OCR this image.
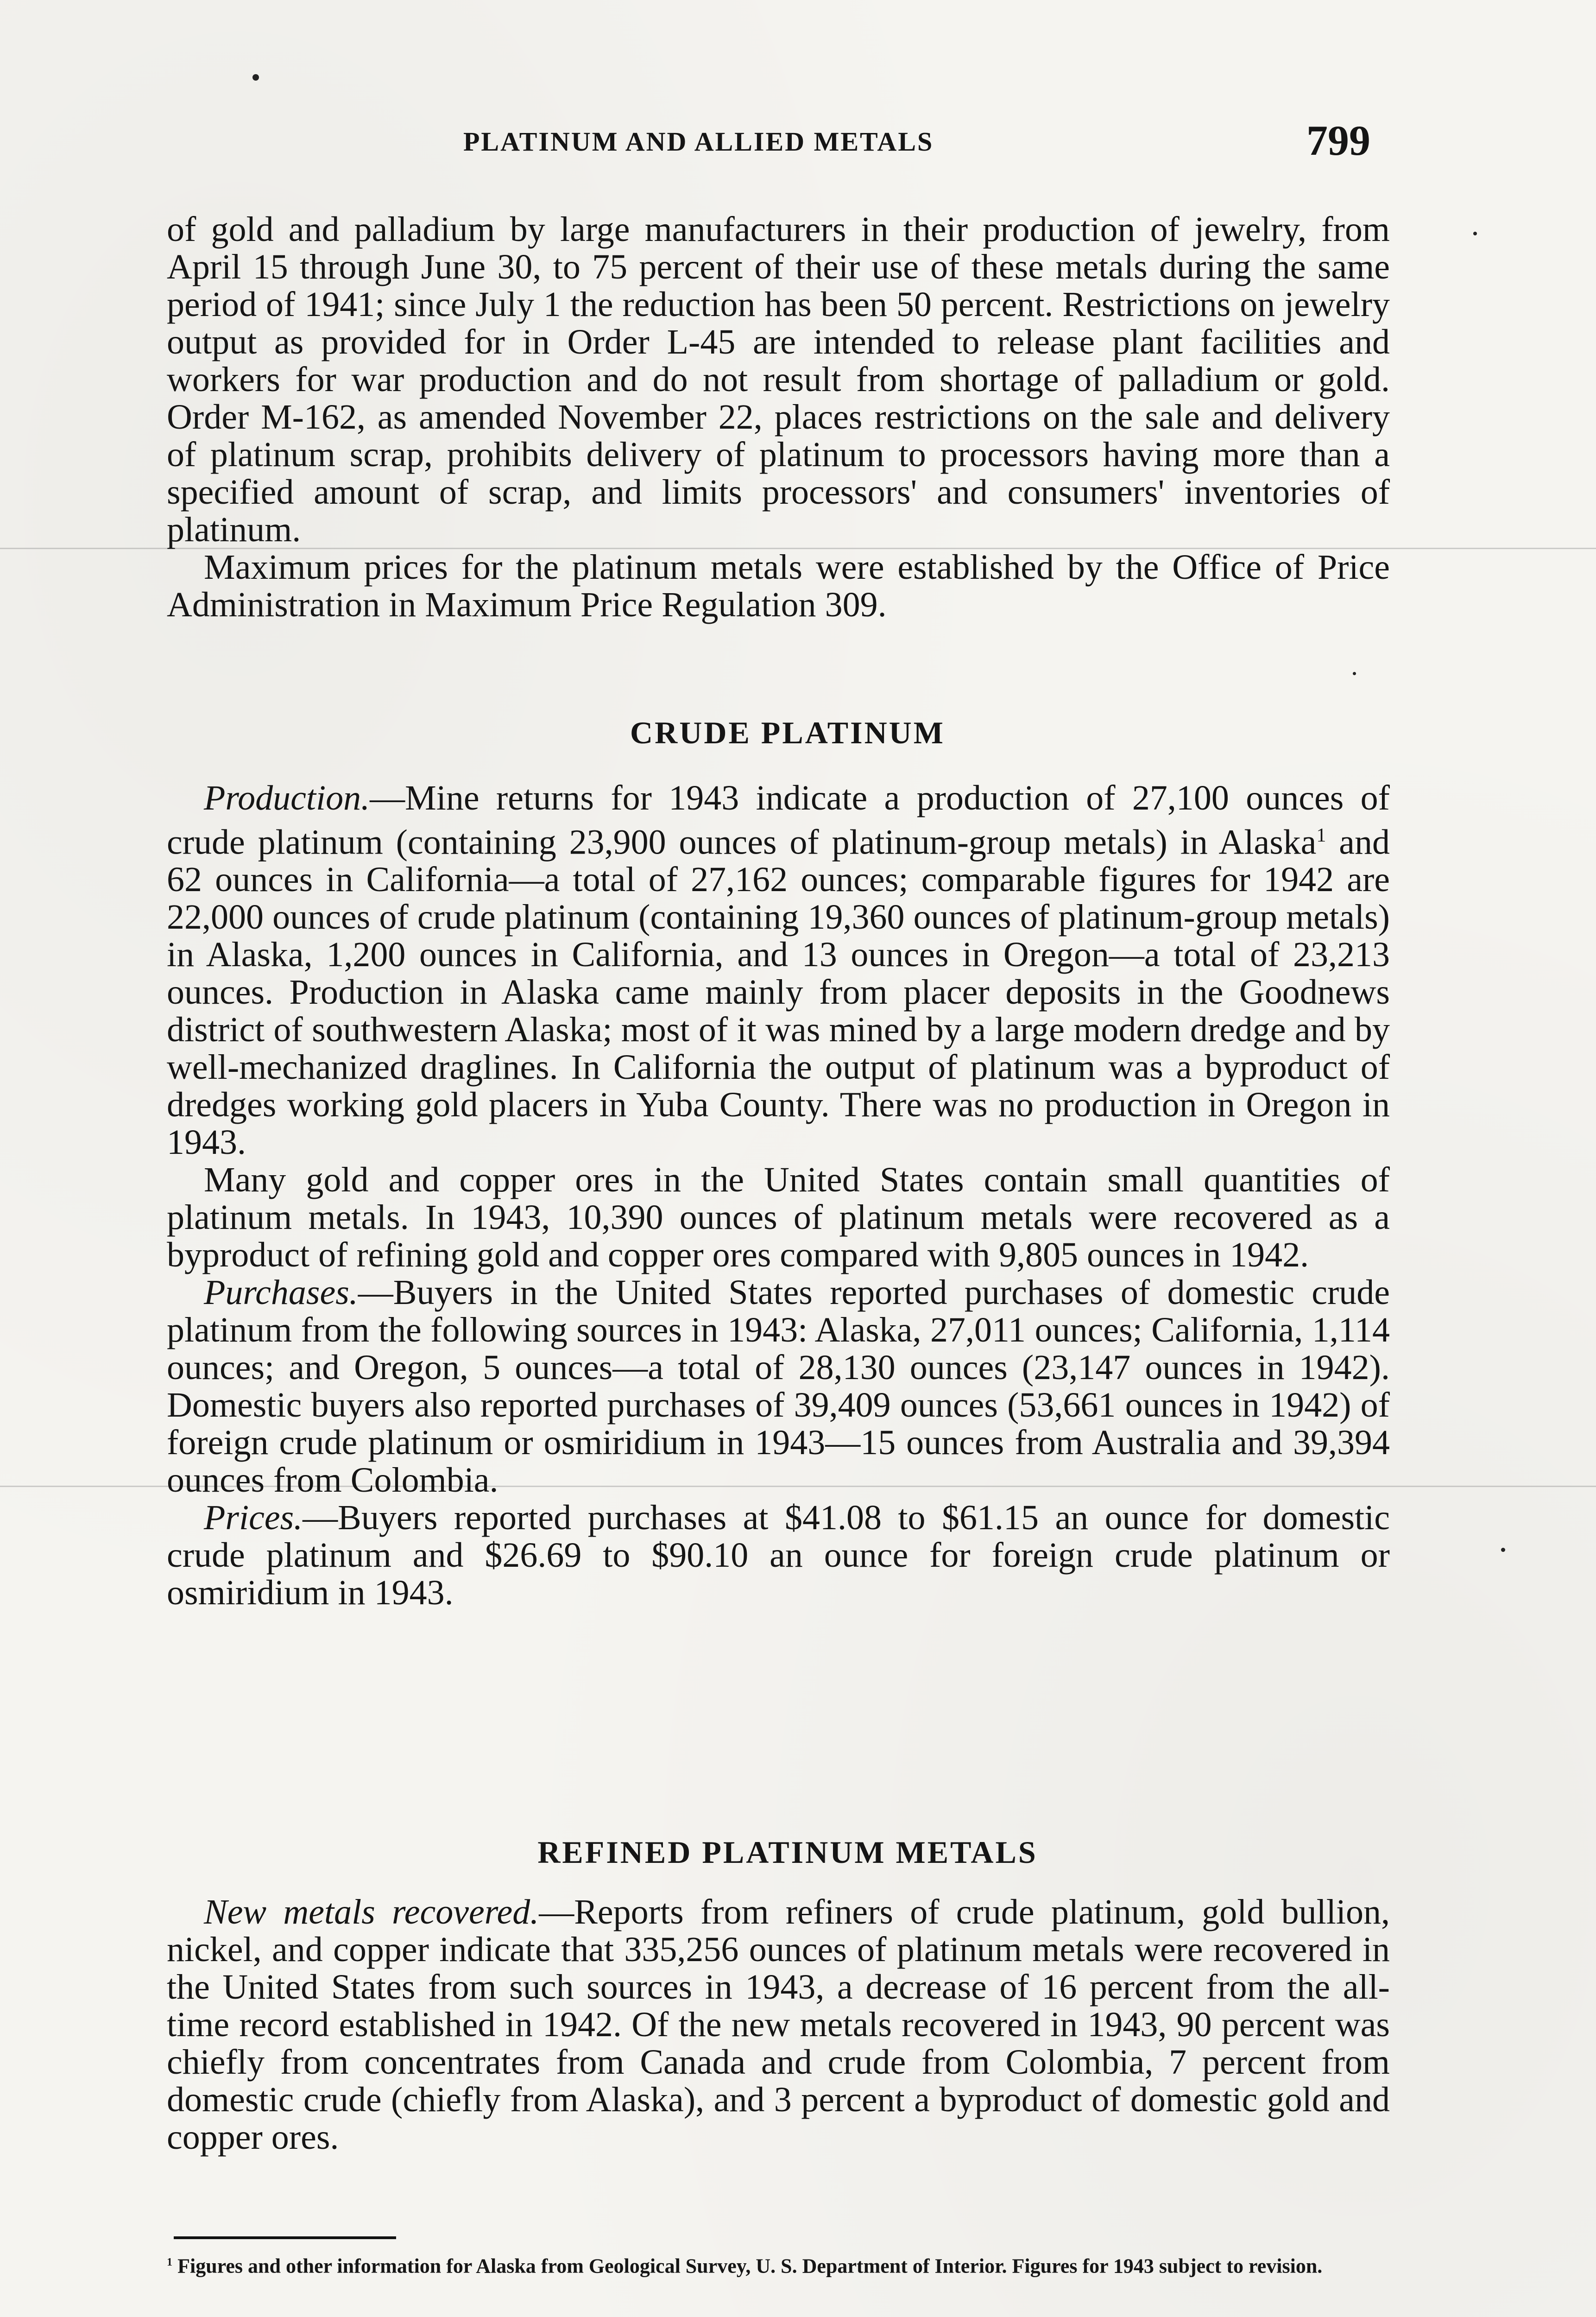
PLATINUM AND ALLIED METALS	799

of gold and palladium by large manufacturers in their production of jewelry, from April 15 through June 30, to 75 percent of their use of these metals during the same period of 1941; since July 1 the reduction has been 50 percent. Restrictions on jewelry output as provided for in Order L-45 are intended to release plant facilities and workers for war production and do not result from shortage of palladium or gold. Order M-162, as amended November 22, places restrictions on the sale and delivery of platinum scrap, prohibits delivery of platinum to processors having more than a specified amount of scrap, and limits processors' and consumers' inventories of platinum.

Maximum prices for the platinum metals were established by the Office of Price Administration in Maximum Price Regulation 309.

CRUDE PLATINUM

Production.—Mine returns for 1943 indicate a production of 27,100 ounces of crude platinum (containing 23,900 ounces of platinum-group metals) in Alaska$^1$ and 62 ounces in California—a total of 27,162 ounces; comparable figures for 1942 are 22,000 ounces of crude platinum (containing 19,360 ounces of platinum-group metals) in Alaska, 1,200 ounces in California, and 13 ounces in Oregon—a total of 23,213 ounces. Production in Alaska came mainly from placer deposits in the Goodnews district of southwestern Alaska; most of it was mined by a large modern dredge and by well-mechanized draglines. In California the output of platinum was a byproduct of dredges working gold placers in Yuba County. There was no production in Oregon in 1943.

Many gold and copper ores in the United States contain small quantities of platinum metals. In 1943, 10,390 ounces of platinum metals were recovered as a byproduct of refining gold and copper ores compared with 9,805 ounces in 1942.

Purchases.—Buyers in the United States reported purchases of domestic crude platinum from the following sources in 1943: Alaska, 27,011 ounces; California, 1,114 ounces; and Oregon, 5 ounces—a total of 28,130 ounces (23,147 ounces in 1942). Domestic buyers also reported purchases of 39,409 ounces (53,661 ounces in 1942) of foreign crude platinum or osmiridium in 1943—15 ounces from Australia and 39,394 ounces from Colombia.

Prices.—Buyers reported purchases at $41.08 to $61.15 an ounce for domestic crude platinum and $26.69 to $90.10 an ounce for foreign crude platinum or osmiridium in 1943.

REFINED PLATINUM METALS

New metals recovered.—Reports from refiners of crude platinum, gold bullion, nickel, and copper indicate that 335,256 ounces of platinum metals were recovered in the United States from such sources in 1943, a decrease of 16 percent from the all-time record established in 1942. Of the new metals recovered in 1943, 90 percent was chiefly from concentrates from Canada and crude from Colombia, 7 percent from domestic crude (chiefly from Alaska), and 3 percent a byproduct of domestic gold and copper ores.

$^1$ Figures and other information for Alaska from Geological Survey, U. S. Department of Interior. Figures for 1943 subject to revision.
